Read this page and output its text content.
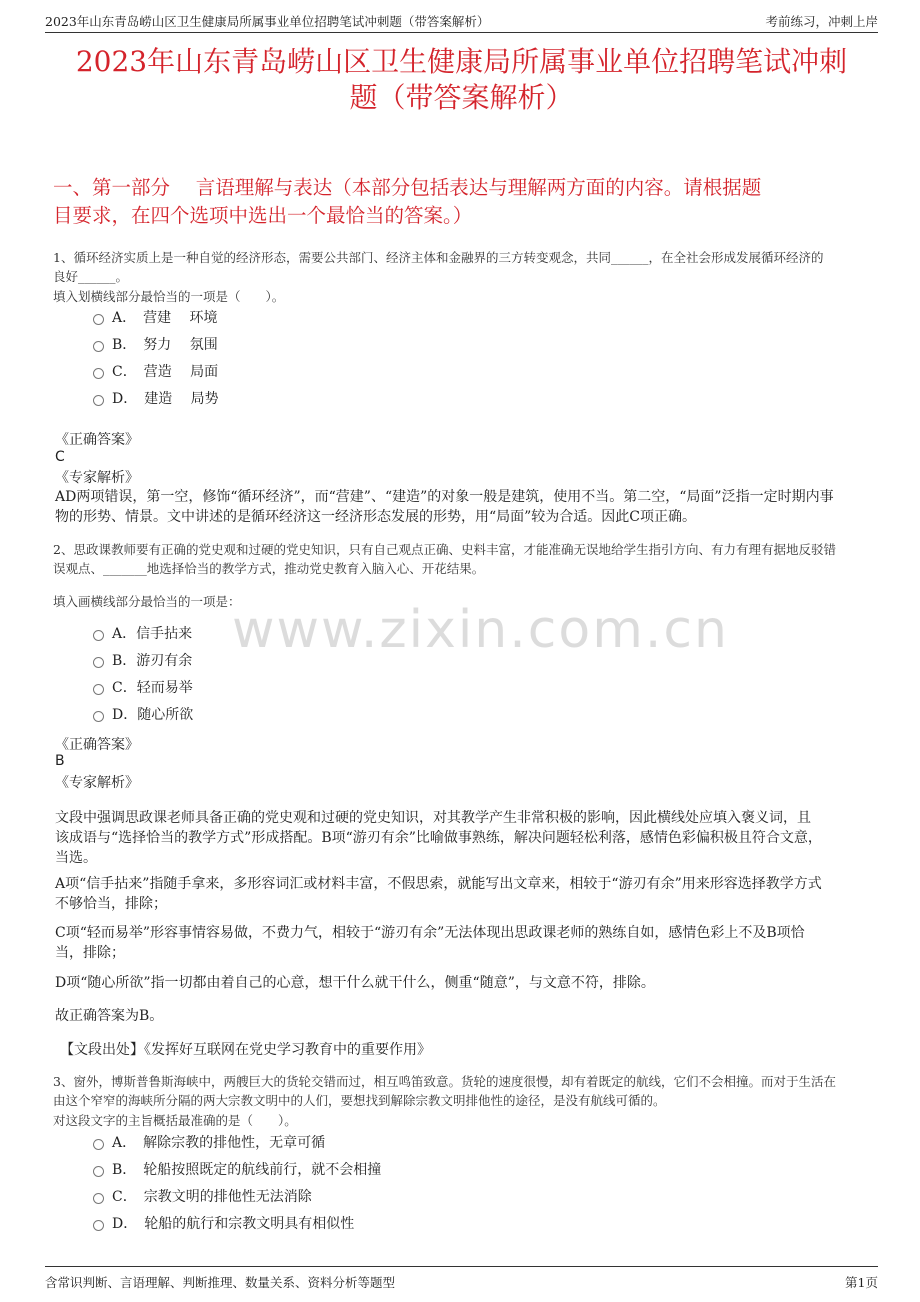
2023年山东青岛崂山区卫生健康局所属事业单位招聘笔试冲刺题（带答案解析）	考前练习，冲刺上岸
2023年山东青岛崂山区卫生健康局所属事业单位招聘笔试冲刺
题（带答案解析）
一、第一部分　 言语理解与表达（本部分包括表达与理解两方面的内容。请根据题
目要求，在四个选项中选出一个最恰当的答案。）
www.zixin.com.cn
1、循环经济实质上是一种自觉的经济形态，需要公共部门、经济主体和金融界的三方转变观念，共同______，在全社会形成发展循环经济的
良好______。
填入划横线部分最恰当的一项是（　　）。
A．　营建　 环境
B．　努力　 氛围
C．　营造　 局面
D．　建造　 局势
《正确答案》
C
《专家解析》
AD两项错误，第一空，修饰“循环经济”，而“营建”、“建造”的对象一般是建筑，使用不当。第二空，“局面”泛指一定时期内事
物的形势、情景。文中讲述的是循环经济这一经济形态发展的形势，用“局面”较为合适。因此C项正确。
2、思政课教师要有正确的党史观和过硬的党史知识，只有自己观点正确、史料丰富，才能准确无误地给学生指引方向、有力有理有据地反驳错
误观点、_______地选择恰当的教学方式，推动党史教育入脑入心、开花结果。
填入画横线部分最恰当的一项是：
A．信手拈来
B．游刃有余
C．轻而易举
D．随心所欲
《正确答案》
B
《专家解析》
文段中强调思政课老师具备正确的党史观和过硬的党史知识，对其教学产生非常积极的影响，因此横线处应填入褒义词，且
该成语与“选择恰当的教学方式”形成搭配。B项“游刃有余”比喻做事熟练，解决问题轻松利落，感情色彩偏积极且符合文意，
当选。
A项“信手拈来”指随手拿来，多形容词汇或材料丰富，不假思索，就能写出文章来，相较于“游刃有余”用来形容选择教学方式
不够恰当，排除；
C项“轻而易举”形容事情容易做，不费力气，相较于“游刃有余”无法体现出思政课老师的熟练自如，感情色彩上不及B项恰
当，排除；
D项“随心所欲”指一切都由着自己的心意，想干什么就干什么，侧重“随意”，与文意不符，排除。
故正确答案为B。
【文段出处】《发挥好互联网在党史学习教育中的重要作用》
3、窗外，博斯普鲁斯海峡中，两艘巨大的货轮交错而过，相互鸣笛致意。货轮的速度很慢，却有着既定的航线，它们不会相撞。而对于生活在
由这个窄窄的海峡所分隔的两大宗教文明中的人们，要想找到解除宗教文明排他性的途径，是没有航线可循的。
对这段文字的主旨概括最准确的是（　　）。
A．　解除宗教的排他性，无章可循
B．　轮船按照既定的航线前行，就不会相撞
C．　宗教文明的排他性无法消除
D．　轮船的航行和宗教文明具有相似性
含常识判断、言语理解、判断推理、数量关系、资料分析等题型	第1页
